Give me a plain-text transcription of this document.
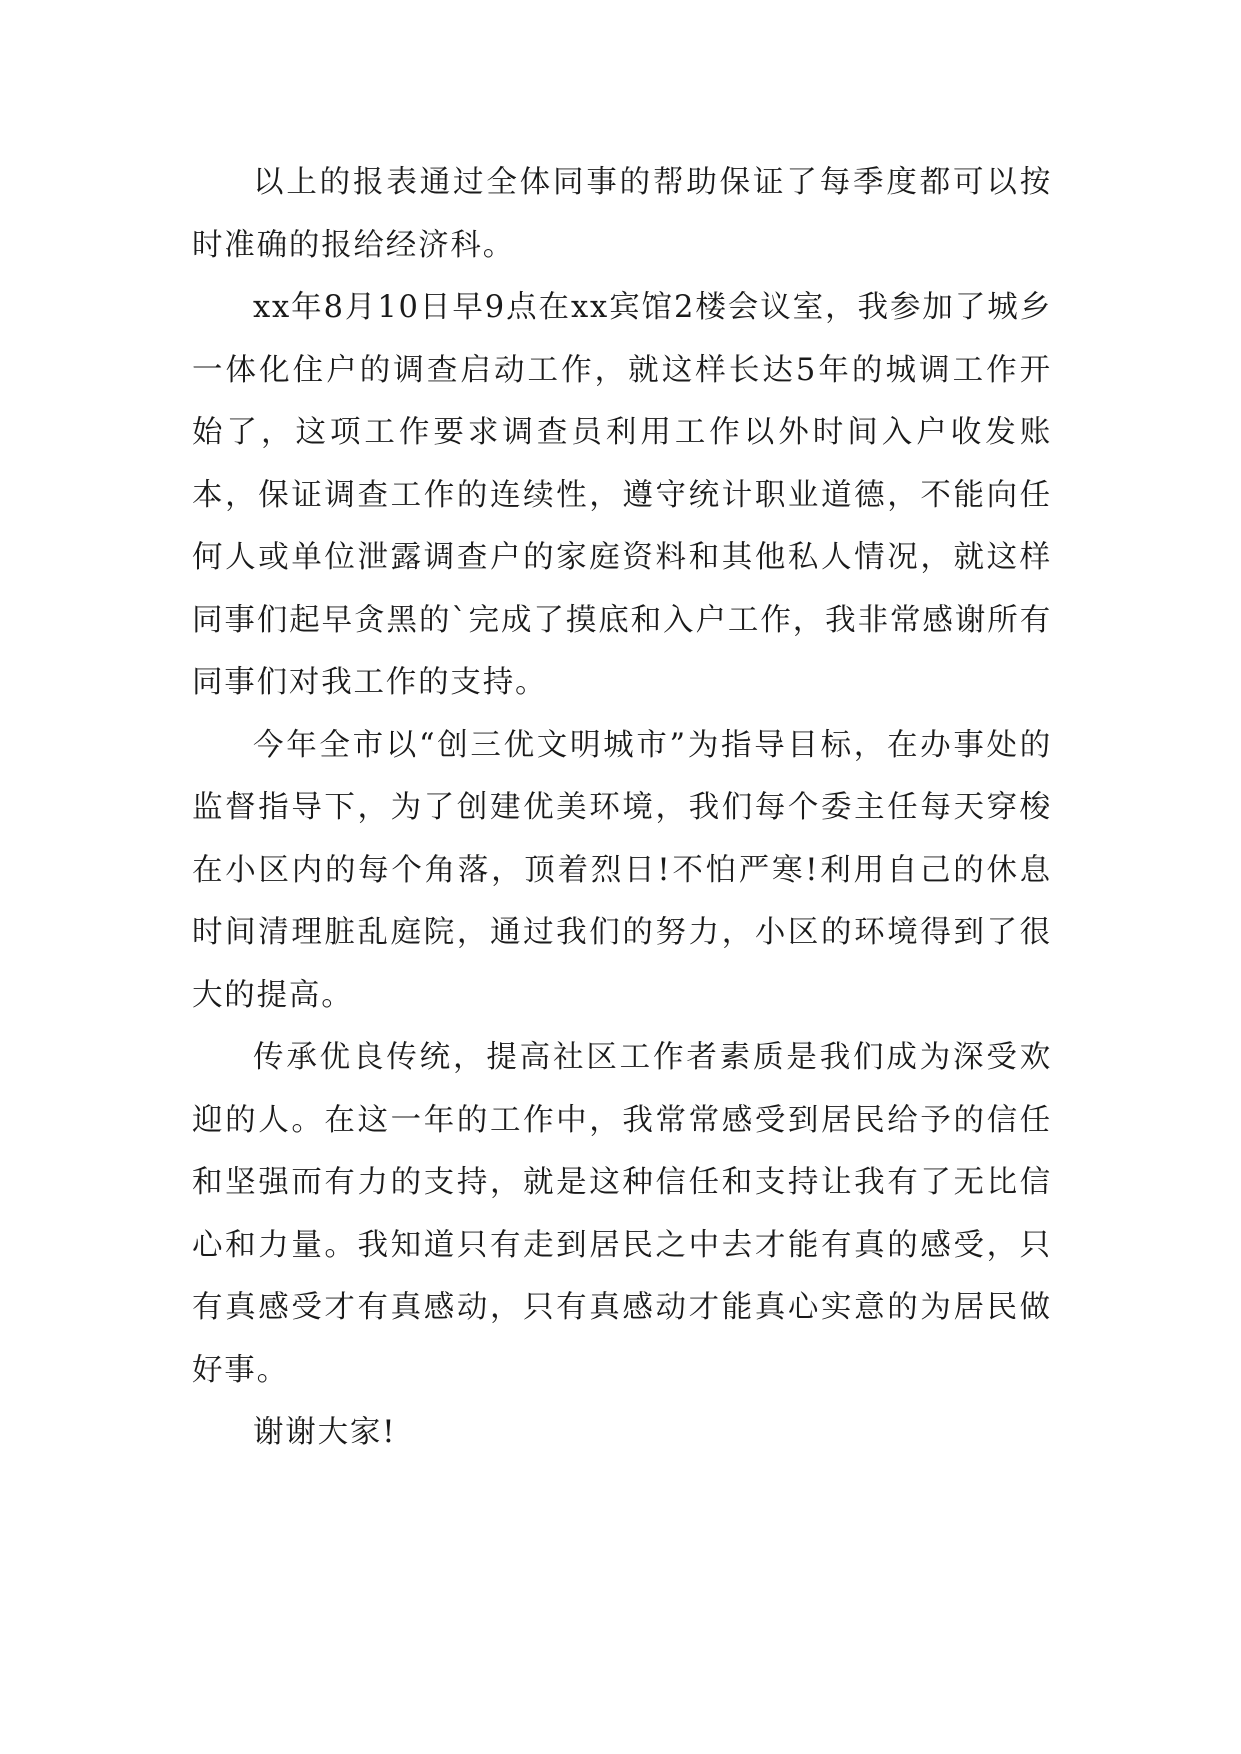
以上的报表通过全体同事的帮助保证了每季度都可以按时准确的报给经济科。

xx年8月10日早9点在xx宾馆2楼会议室，我参加了城乡一体化住户的调查启动工作，就这样长达5年的城调工作开始了，这项工作要求调查员利用工作以外时间入户收发账本，保证调查工作的连续性，遵守统计职业道德，不能向任何人或单位泄露调查户的家庭资料和其他私人情况，就这样同事们起早贪黑的`完成了摸底和入户工作，我非常感谢所有同事们对我工作的支持。

今年全市以“创三优文明城市”为指导目标，在办事处的监督指导下，为了创建优美环境，我们每个委主任每天穿梭在小区内的每个角落，顶着烈日!不怕严寒!利用自己的休息时间清理脏乱庭院，通过我们的努力，小区的环境得到了很大的提高。

传承优良传统，提高社区工作者素质是我们成为深受欢迎的人。在这一年的工作中，我常常感受到居民给予的信任和坚强而有力的支持，就是这种信任和支持让我有了无比信心和力量。我知道只有走到居民之中去才能有真的感受，只有真感受才有真感动，只有真感动才能真心实意的为居民做好事。

谢谢大家!
